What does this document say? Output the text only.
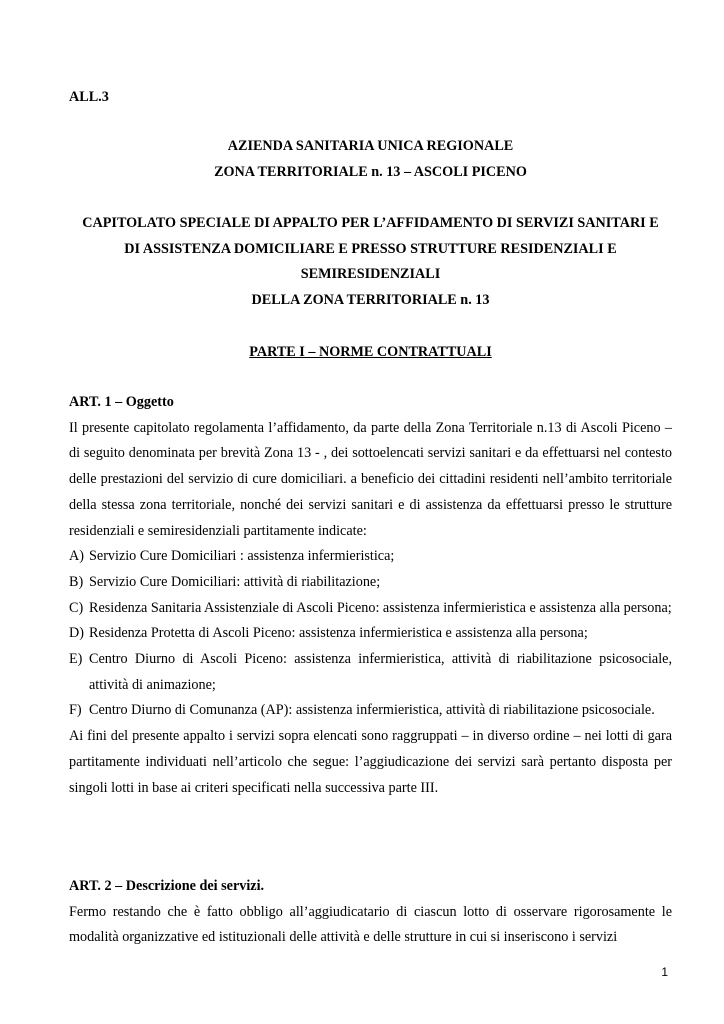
ALL.3
AZIENDA SANITARIA UNICA REGIONALE
ZONA TERRITORIALE n. 13 – ASCOLI PICENO
CAPITOLATO SPECIALE DI APPALTO PER L’AFFIDAMENTO DI SERVIZI SANITARI E
DI ASSISTENZA DOMICILIARE E PRESSO STRUTTURE RESIDENZIALI E
SEMIRESIDENZIALI
DELLA ZONA TERRITORIALE n. 13
PARTE I – NORME CONTRATTUALI
ART. 1 – Oggetto
Il presente capitolato regolamenta l’affidamento, da parte della Zona Territoriale n.13 di Ascoli Piceno – di seguito denominata per brevità Zona 13 - , dei sottoelencati servizi sanitari e da effettuarsi nel contesto delle prestazioni del servizio di cure domiciliari. a beneficio dei cittadini residenti nell’ambito territoriale della stessa zona territoriale, nonché dei servizi sanitari e di assistenza da effettuarsi presso le strutture residenziali e semiresidenziali partitamente indicate:
A) Servizio Cure Domiciliari : assistenza infermieristica;
B) Servizio Cure Domiciliari: attività di riabilitazione;
C) Residenza Sanitaria Assistenziale di Ascoli Piceno: assistenza infermieristica e assistenza alla persona;
D) Residenza Protetta di Ascoli Piceno: assistenza infermieristica e assistenza alla persona;
E) Centro Diurno di Ascoli Piceno: assistenza infermieristica, attività di riabilitazione psicosociale, attività di animazione;
F) Centro Diurno di Comunanza (AP): assistenza infermieristica, attività di riabilitazione psicosociale.
Ai fini del presente appalto i servizi sopra elencati sono raggruppati – in diverso ordine – nei lotti di gara partitamente individuati nell’articolo che segue: l’aggiudicazione dei servizi sarà pertanto disposta per singoli lotti in base ai criteri specificati nella successiva parte III.
ART. 2 – Descrizione dei servizi.
Fermo restando che è fatto obbligo all’aggiudicatario di ciascun lotto di osservare rigorosamente le modalità organizzative ed istituzionali delle attività e delle strutture in cui si inseriscono i servizi
1
